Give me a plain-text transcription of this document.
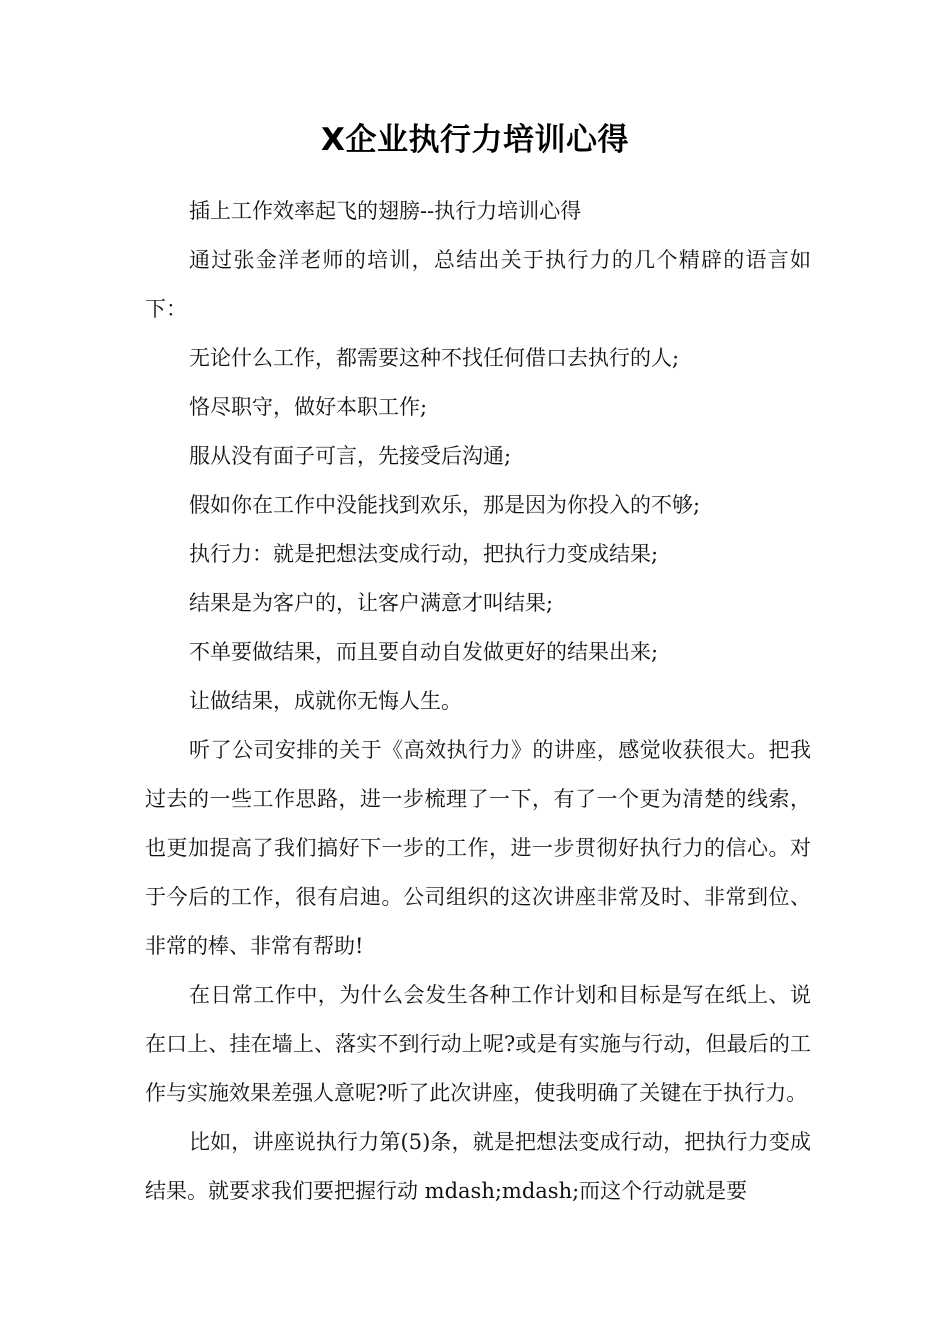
X企业执行力培训心得

插上工作效率起飞的翅膀--执行力培训心得

通过张金洋老师的培训，总结出关于执行力的几个精辟的语言如下：

无论什么工作，都需要这种不找任何借口去执行的人;

恪尽职守，做好本职工作;

服从没有面子可言，先接受后沟通;

假如你在工作中没能找到欢乐，那是因为你投入的不够;

执行力：就是把想法变成行动，把执行力变成结果;

结果是为客户的，让客户满意才叫结果;

不单要做结果，而且要自动自发做更好的结果出来;

让做结果，成就你无悔人生。

听了公司安排的关于《高效执行力》的讲座，感觉收获很大。把我过去的一些工作思路，进一步梳理了一下，有了一个更为清楚的线索，也更加提高了我们搞好下一步的工作，进一步贯彻好执行力的信心。对于今后的工作，很有启迪。公司组织的这次讲座非常及时、非常到位、非常的棒、非常有帮助!

在日常工作中，为什么会发生各种工作计划和目标是写在纸上、说在口上、挂在墙上、落实不到行动上呢?或是有实施与行动，但最后的工作与实施效果差强人意呢?听了此次讲座，使我明确了关键在于执行力。

比如，讲座说执行力第(5)条，就是把想法变成行动，把执行力变成结果。就要求我们要把握行动 mdash;mdash;而这个行动就是要
